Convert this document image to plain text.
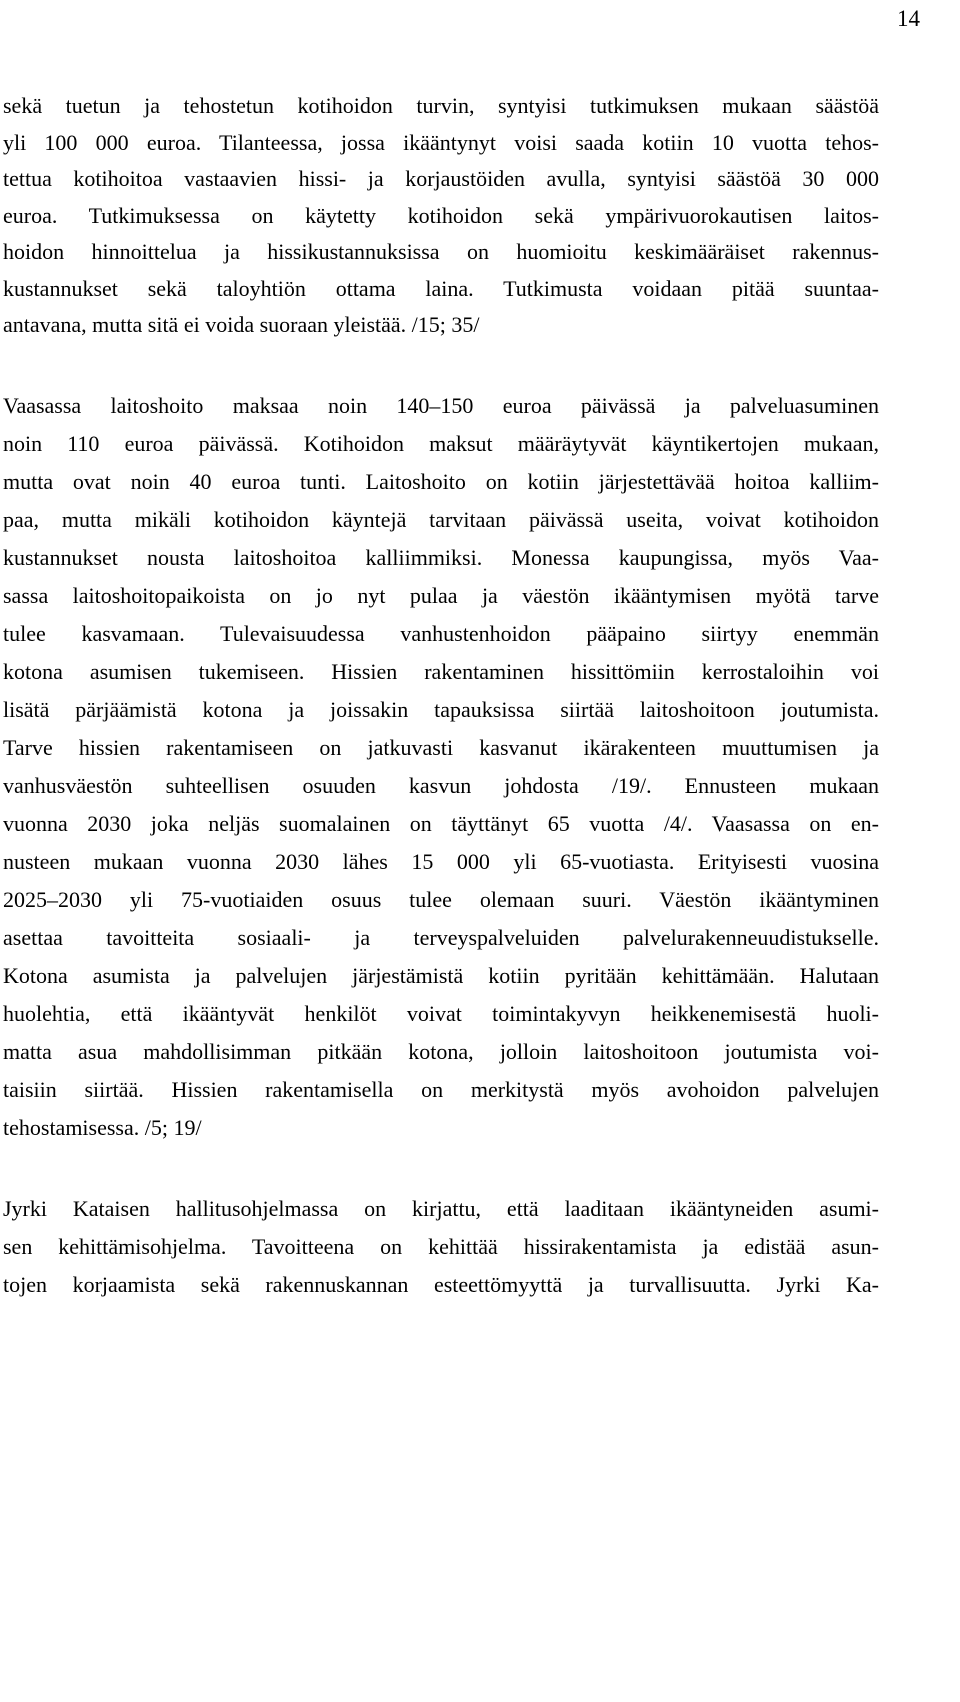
14

sekä tuetun ja tehostetun kotihoidon turvin, syntyisi tutkimuksen mukaan säästöä
yli 100 000 euroa. Tilanteessa, jossa ikääntynyt voisi saada kotiin 10 vuotta tehos-
tettua kotihoitoa vastaavien hissi- ja korjaustöiden avulla, syntyisi säästöä 30 000
euroa. Tutkimuksessa on käytetty kotihoidon sekä ympärivuorokautisen laitos-
hoidon hinnoittelua ja hissikustannuksissa on huomioitu keskimääräiset rakennus-
kustannukset sekä taloyhtiön ottama laina. Tutkimusta voidaan pitää suuntaa-
antavana, mutta sitä ei voida suoraan yleistää. /15; 35/

Vaasassa laitoshoito maksaa noin 140–150 euroa päivässä ja palveluasuminen
noin 110 euroa päivässä. Kotihoidon maksut määräytyvät käyntikertojen mukaan,
mutta ovat noin 40 euroa tunti. Laitoshoito on kotiin järjestettävää hoitoa kalliim-
paa, mutta mikäli kotihoidon käyntejä tarvitaan päivässä useita, voivat kotihoidon
kustannukset nousta laitoshoitoa kalliimmiksi. Monessa kaupungissa, myös Vaa-
sassa laitoshoitopaikoista on jo nyt pulaa ja väestön ikääntymisen myötä tarve
tulee kasvamaan. Tulevaisuudessa vanhustenhoidon pääpaino siirtyy enemmän
kotona asumisen tukemiseen. Hissien rakentaminen hissittömiin kerrostaloihin voi
lisätä pärjäämistä kotona ja joissakin tapauksissa siirtää laitoshoitoon joutumista.
Tarve hissien rakentamiseen on jatkuvasti kasvanut ikärakenteen muuttumisen ja
vanhusväestön suhteellisen osuuden kasvun johdosta /19/. Ennusteen mukaan
vuonna 2030 joka neljäs suomalainen on täyttänyt 65 vuotta /4/. Vaasassa on en-
nusteen mukaan vuonna 2030 lähes 15 000 yli 65-vuotiasta. Erityisesti vuosina
2025–2030 yli 75-vuotiaiden osuus tulee olemaan suuri. Väestön ikääntyminen
asettaa tavoitteita sosiaali- ja terveyspalveluiden palvelurakenneuudistukselle.
Kotona asumista ja palvelujen järjestämistä kotiin pyritään kehittämään. Halutaan
huolehtia, että ikääntyvät henkilöt voivat toimintakyvyn heikkenemisestä huoli-
matta asua mahdollisimman pitkään kotona, jolloin laitoshoitoon joutumista voi-
taisiin siirtää. Hissien rakentamisella on merkitystä myös avohoidon palvelujen
tehostamisessa. /5; 19/

Jyrki Kataisen hallitusohjelmassa on kirjattu, että laaditaan ikääntyneiden asumi-
sen kehittämisohjelma. Tavoitteena on kehittää hissirakentamista ja edistää asun-
tojen korjaamista sekä rakennuskannan esteettömyyttä ja turvallisuutta. Jyrki Ka-
